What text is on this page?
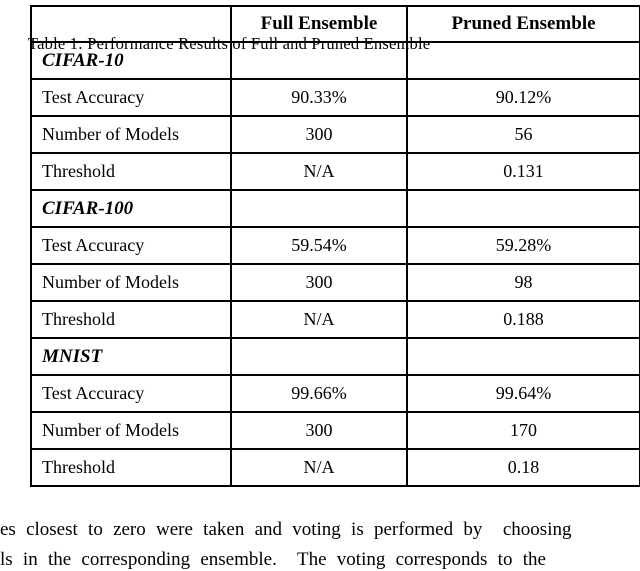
	Full Ensemble	Pruned Ensemble
CIFAR-10		
Test Accuracy	90.33%	90.12%
Number of Models	300	56
Threshold	N/A	0.131
CIFAR-100		
Test Accuracy	59.54%	59.28%
Number of Models	300	98
Threshold	N/A	0.188
MNIST		
Test Accuracy	99.66%	99.64%
Number of Models	300	170
Threshold	N/A	0.18
Table 1: Performance Results of Full and Pruned Ensemble
es closest to zero were taken and voting is performed by  choosing
ls in the corresponding ensemble.  The voting corresponds to the
